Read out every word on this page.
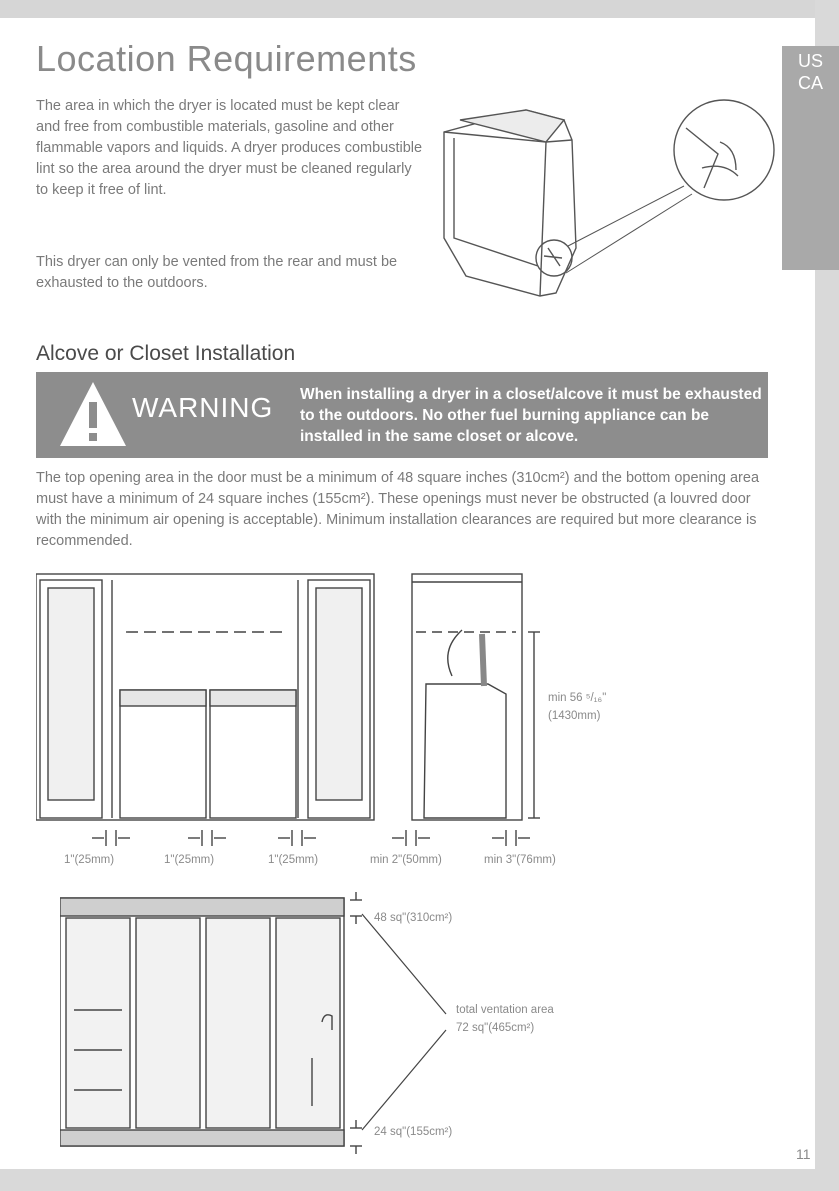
US
CA
Location Requirements

The area in which the dryer is located must be kept clear and free from combustible materials, gasoline and other flammable vapors and liquids. A dryer produces combustible lint so the area around the dryer must be cleaned regularly to keep it free of lint.

This dryer can only be vented from the rear and must be exhausted to the outdoors.

Alcove or Closet Installation
WARNING	When installing a dryer in a closet/alcove it must be exhausted to the outdoors. No other fuel burning appliance can be installed in the same closet or alcove.

The top opening area in the door must be a minimum of 48 square inches (310cm²) and the bottom opening area must have a minimum of 24 square inches (155cm²). These openings must never be obstructed (a louvred door with the minimum air opening is acceptable). Minimum installation clearances are required but more clearance is recommended.

min 56 ⁵/₁₆"
(1430mm)
1"(25mm)	1"(25mm)	1"(25mm)	min 2"(50mm)	min 3"(76mm)
48 sq"(310cm²)
total ventation area
72 sq"(465cm²)
24 sq"(155cm²)
11
